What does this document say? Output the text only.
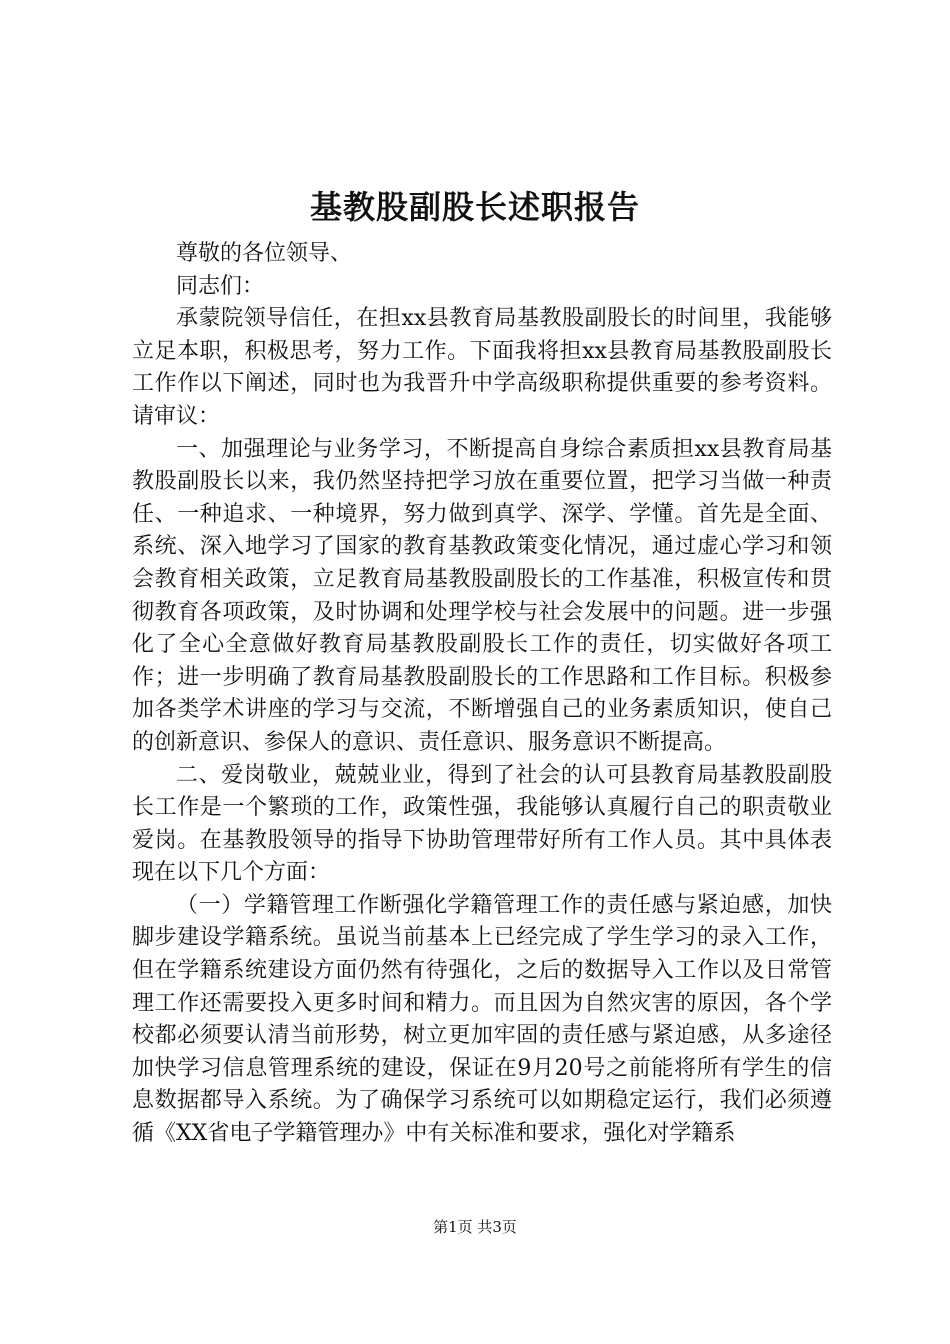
基教股副股长述职报告

尊敬的各位领导、

同志们：

承蒙院领导信任，在担xx县教育局基教股副股长的时间里，我能够立足本职，积极思考，努力工作。下面我将担xx县教育局基教股副股长工作作以下阐述，同时也为我晋升中学高级职称提供重要的参考资料。请审议：

一、加强理论与业务学习，不断提高自身综合素质担xx县教育局基教股副股长以来，我仍然坚持把学习放在重要位置，把学习当做一种责任、一种追求、一种境界，努力做到真学、深学、学懂。首先是全面、系统、深入地学习了国家的教育基教政策变化情况，通过虚心学习和领会教育相关政策，立足教育局基教股副股长的工作基准，积极宣传和贯彻教育各项政策，及时协调和处理学校与社会发展中的问题。进一步强化了全心全意做好教育局基教股副股长工作的责任，切实做好各项工作；进一步明确了教育局基教股副股长的工作思路和工作目标。积极参加各类学术讲座的学习与交流，不断增强自己的业务素质知识，使自己的创新意识、参保人的意识、责任意识、服务意识不断提高。

二、爱岗敬业，兢兢业业，得到了社会的认可县教育局基教股副股长工作是一个繁琐的工作，政策性强，我能够认真履行自己的职责敬业爱岗。在基教股领导的指导下协助管理带好所有工作人员。其中具体表现在以下几个方面：

（一）学籍管理工作断强化学籍管理工作的责任感与紧迫感，加快脚步建设学籍系统。虽说当前基本上已经完成了学生学习的录入工作，但在学籍系统建设方面仍然有待强化，之后的数据导入工作以及日常管理工作还需要投入更多时间和精力。而且因为自然灾害的原因，各个学校都必须要认清当前形势，树立更加牢固的责任感与紧迫感，从多途径加快学习信息管理系统的建设，保证在9月20号之前能将所有学生的信息数据都导入系统。为了确保学习系统可以如期稳定运行，我们必须遵循《XX省电子学籍管理办》中有关标准和要求，强化对学籍系

第1页 共3页
